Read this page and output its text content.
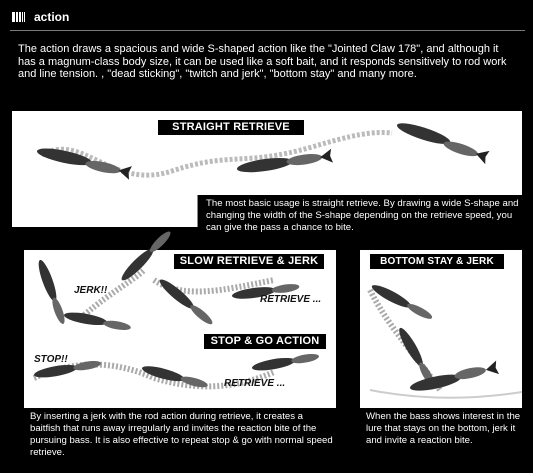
action
The action draws a spacious and wide S-shaped action like the "Jointed Claw 178", and although it has a magnum-class body size, it can be used like a soft bait, and it responds sensitively to rod work and line tension. , "dead sticking", "twitch and jerk", "bottom stay" and many more.
STRAIGHT RETRIEVE
The most basic usage is straight retrieve. By drawing a wide S-shape and changing the width of the S-shape depending on the retrieve speed, you can give the pass a chance to bite.
SLOW RETRIEVE & JERK
JERK!!
RETRIEVE ...
STOP & GO ACTION
STOP!!
RETRIEVE ...
By inserting a jerk with the rod action during retrieve, it creates a baitfish that runs away irregularly and invites the reaction bite of the pursuing bass. It is also effective to repeat stop & go with normal speed retrieve.
BOTTOM STAY & JERK
When the bass shows interest in the lure that stays on the bottom, jerk it and invite a reaction bite.
